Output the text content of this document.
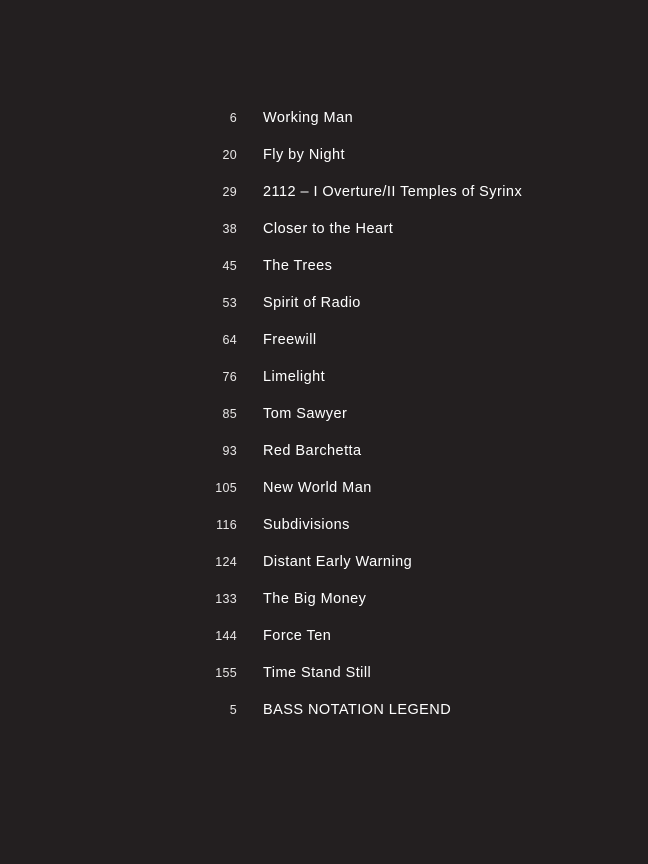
6 Working Man
20 Fly by Night
29 2112 – I Overture/II Temples of Syrinx
38 Closer to the Heart
45 The Trees
53 Spirit of Radio
64 Freewill
76 Limelight
85 Tom Sawyer
93 Red Barchetta
105 New World Man
116 Subdivisions
124 Distant Early Warning
133 The Big Money
144 Force Ten
155 Time Stand Still
5 BASS NOTATION LEGEND
